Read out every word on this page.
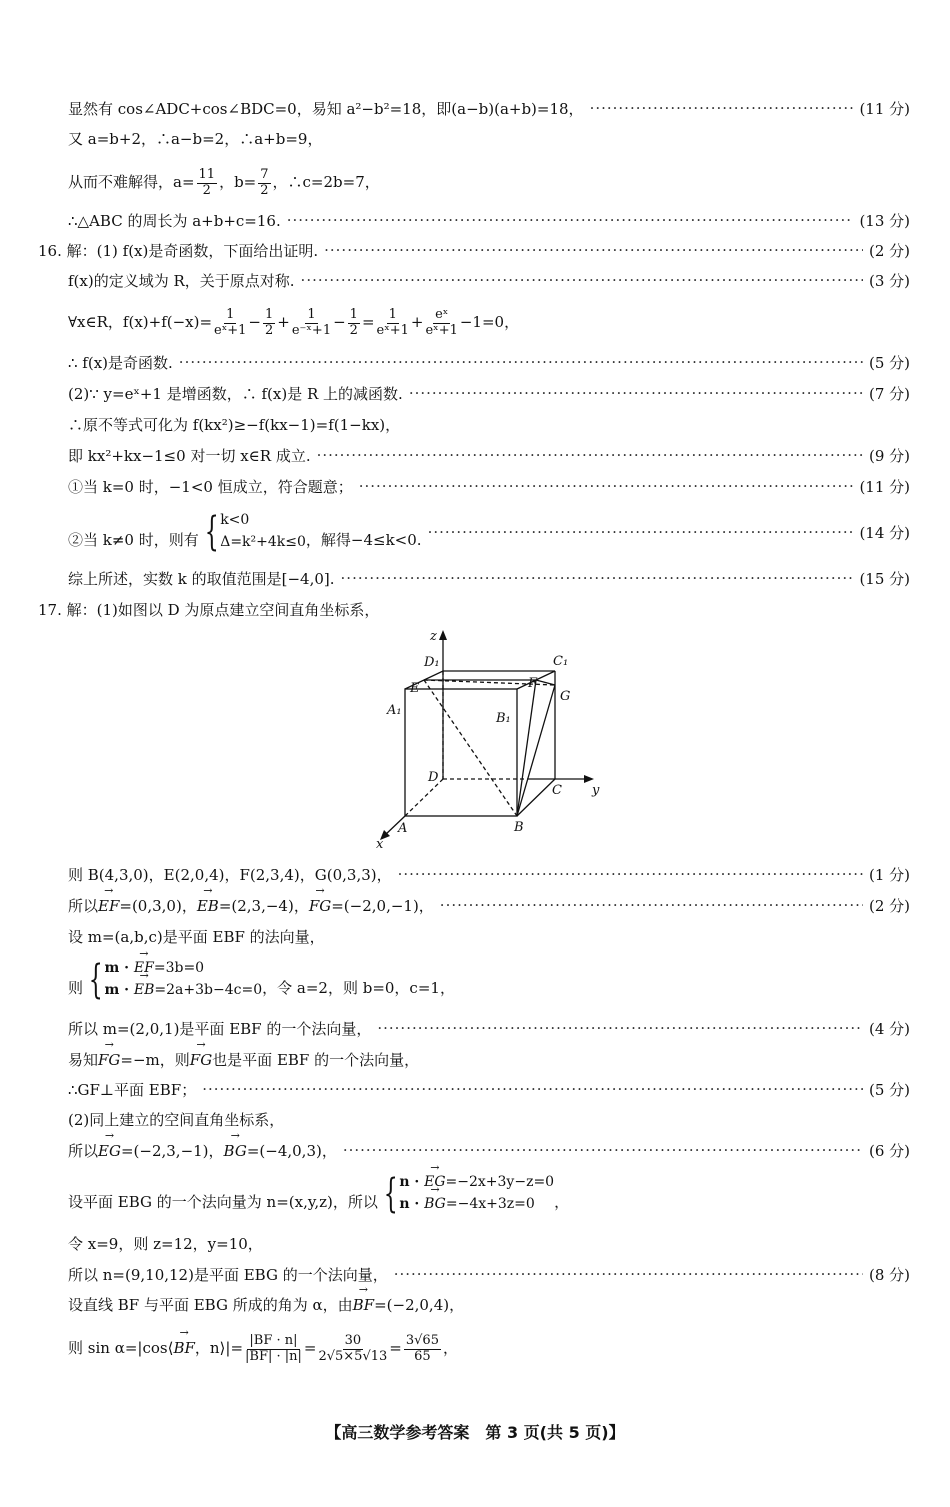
显然有 cos∠ADC+cos∠BDC=0，易知 a²−b²=18，即(a−b)(a+b)=18， ·····	(11 分)
又 a=b+2，∴a−b=2，∴a+b=9，
从而不难解得，$a= \frac{11}{2}$ ，$b= \frac{7}{2}$ ，∴c=2b=7，
∴△ABC 的周长为 a+b+c=16. ·····	(13 分)
16. 解：(1) f(x)是奇函数，下面给出证明. ·····	(2 分)
f(x)的定义域为 R，关于原点对称. ·····	(3 分)
∀x∈R，$f(x)+f(-x)= \frac{1}{\text{eˣ+1}} - \frac{1}{2} + \frac{1}{\text{e⁻ˣ+1}} - \frac{1}{2} = \frac{1}{\text{eˣ+1}} + \frac{\text{eˣ}}{\text{eˣ+1}} -1=0$，
∴ f(x)是奇函数. ·····	(5 分)
(2)∵ y=eˣ+1 是增函数，∴ f(x)是 R 上的减函数. ·····	(7 分)
∴原不等式可化为 f(kx²)≥−f(kx−1)=f(1−kx)，
即 kx²+kx−1≤0 对一切 x∈R 成立. ·····	(9 分)
①当 k=0 时，−1<0 恒成立，符合题意； ·····	(11 分)
②当 k≠0 时，则有 { k<0
Δ=k²+4k≤0 ，解得−4≤k<0. ·····	(14 分)
综上所述，实数 k 的取值范围是[−4,0]. ·····	(15 分)
17. 解：(1)如图以 D 为原点建立空间直角坐标系，
z
y
x
D₁	C₁
E	F
G
A₁
B₁
D
C
A	B
则 B(4,3,0)，E(2,0,4)，F(2,3,4)，G(0,3,3)， ·····	(1 分)
所以EF →=(0,3,0)，EB →=(2,3,−4)，FG →=(−2,0,−1)， ·····	(2 分)
设 m=(a,b,c)是平面 EBF 的法向量，
则 { m · EF →=3b=0
m · EB →=2a+3b−4c=0 ，令 a=2，则 b=0，c=1，
所以 m=(2,0,1)是平面 EBF 的一个法向量， ·····	(4 分)
易知FG →=−m，则FG →也是平面 EBF 的一个法向量，
∴GF⊥平面 EBF； ·····	(5 分)
(2)同上建立的空间直角坐标系，
所以EG →=(−2,3,−1)，BG →=(−4,0,3)， ·····	(6 分)
设平面 EBG 的一个法向量为 n=(x,y,z)，所以 { n · EG →=−2x+3y−z=0
n · BG →=−4x+3z=0	，
令 x=9，则 z=12，y=10，
所以 n=(9,10,12)是平面 EBG 的一个法向量， ·····	(8 分)
设直线 BF 与平面 EBG 所成的角为 α，由BF →=(−2,0,4)，
则 sin α=|cos⟨BF →，n⟩|= $\frac{|BF \cdot n|}{|BF| \cdot |n|} = \frac{30}{2√5\times 5√13} = \frac{3√65}{65}$ ，
【高三数学参考答案　第 3 页(共 5 页)】
